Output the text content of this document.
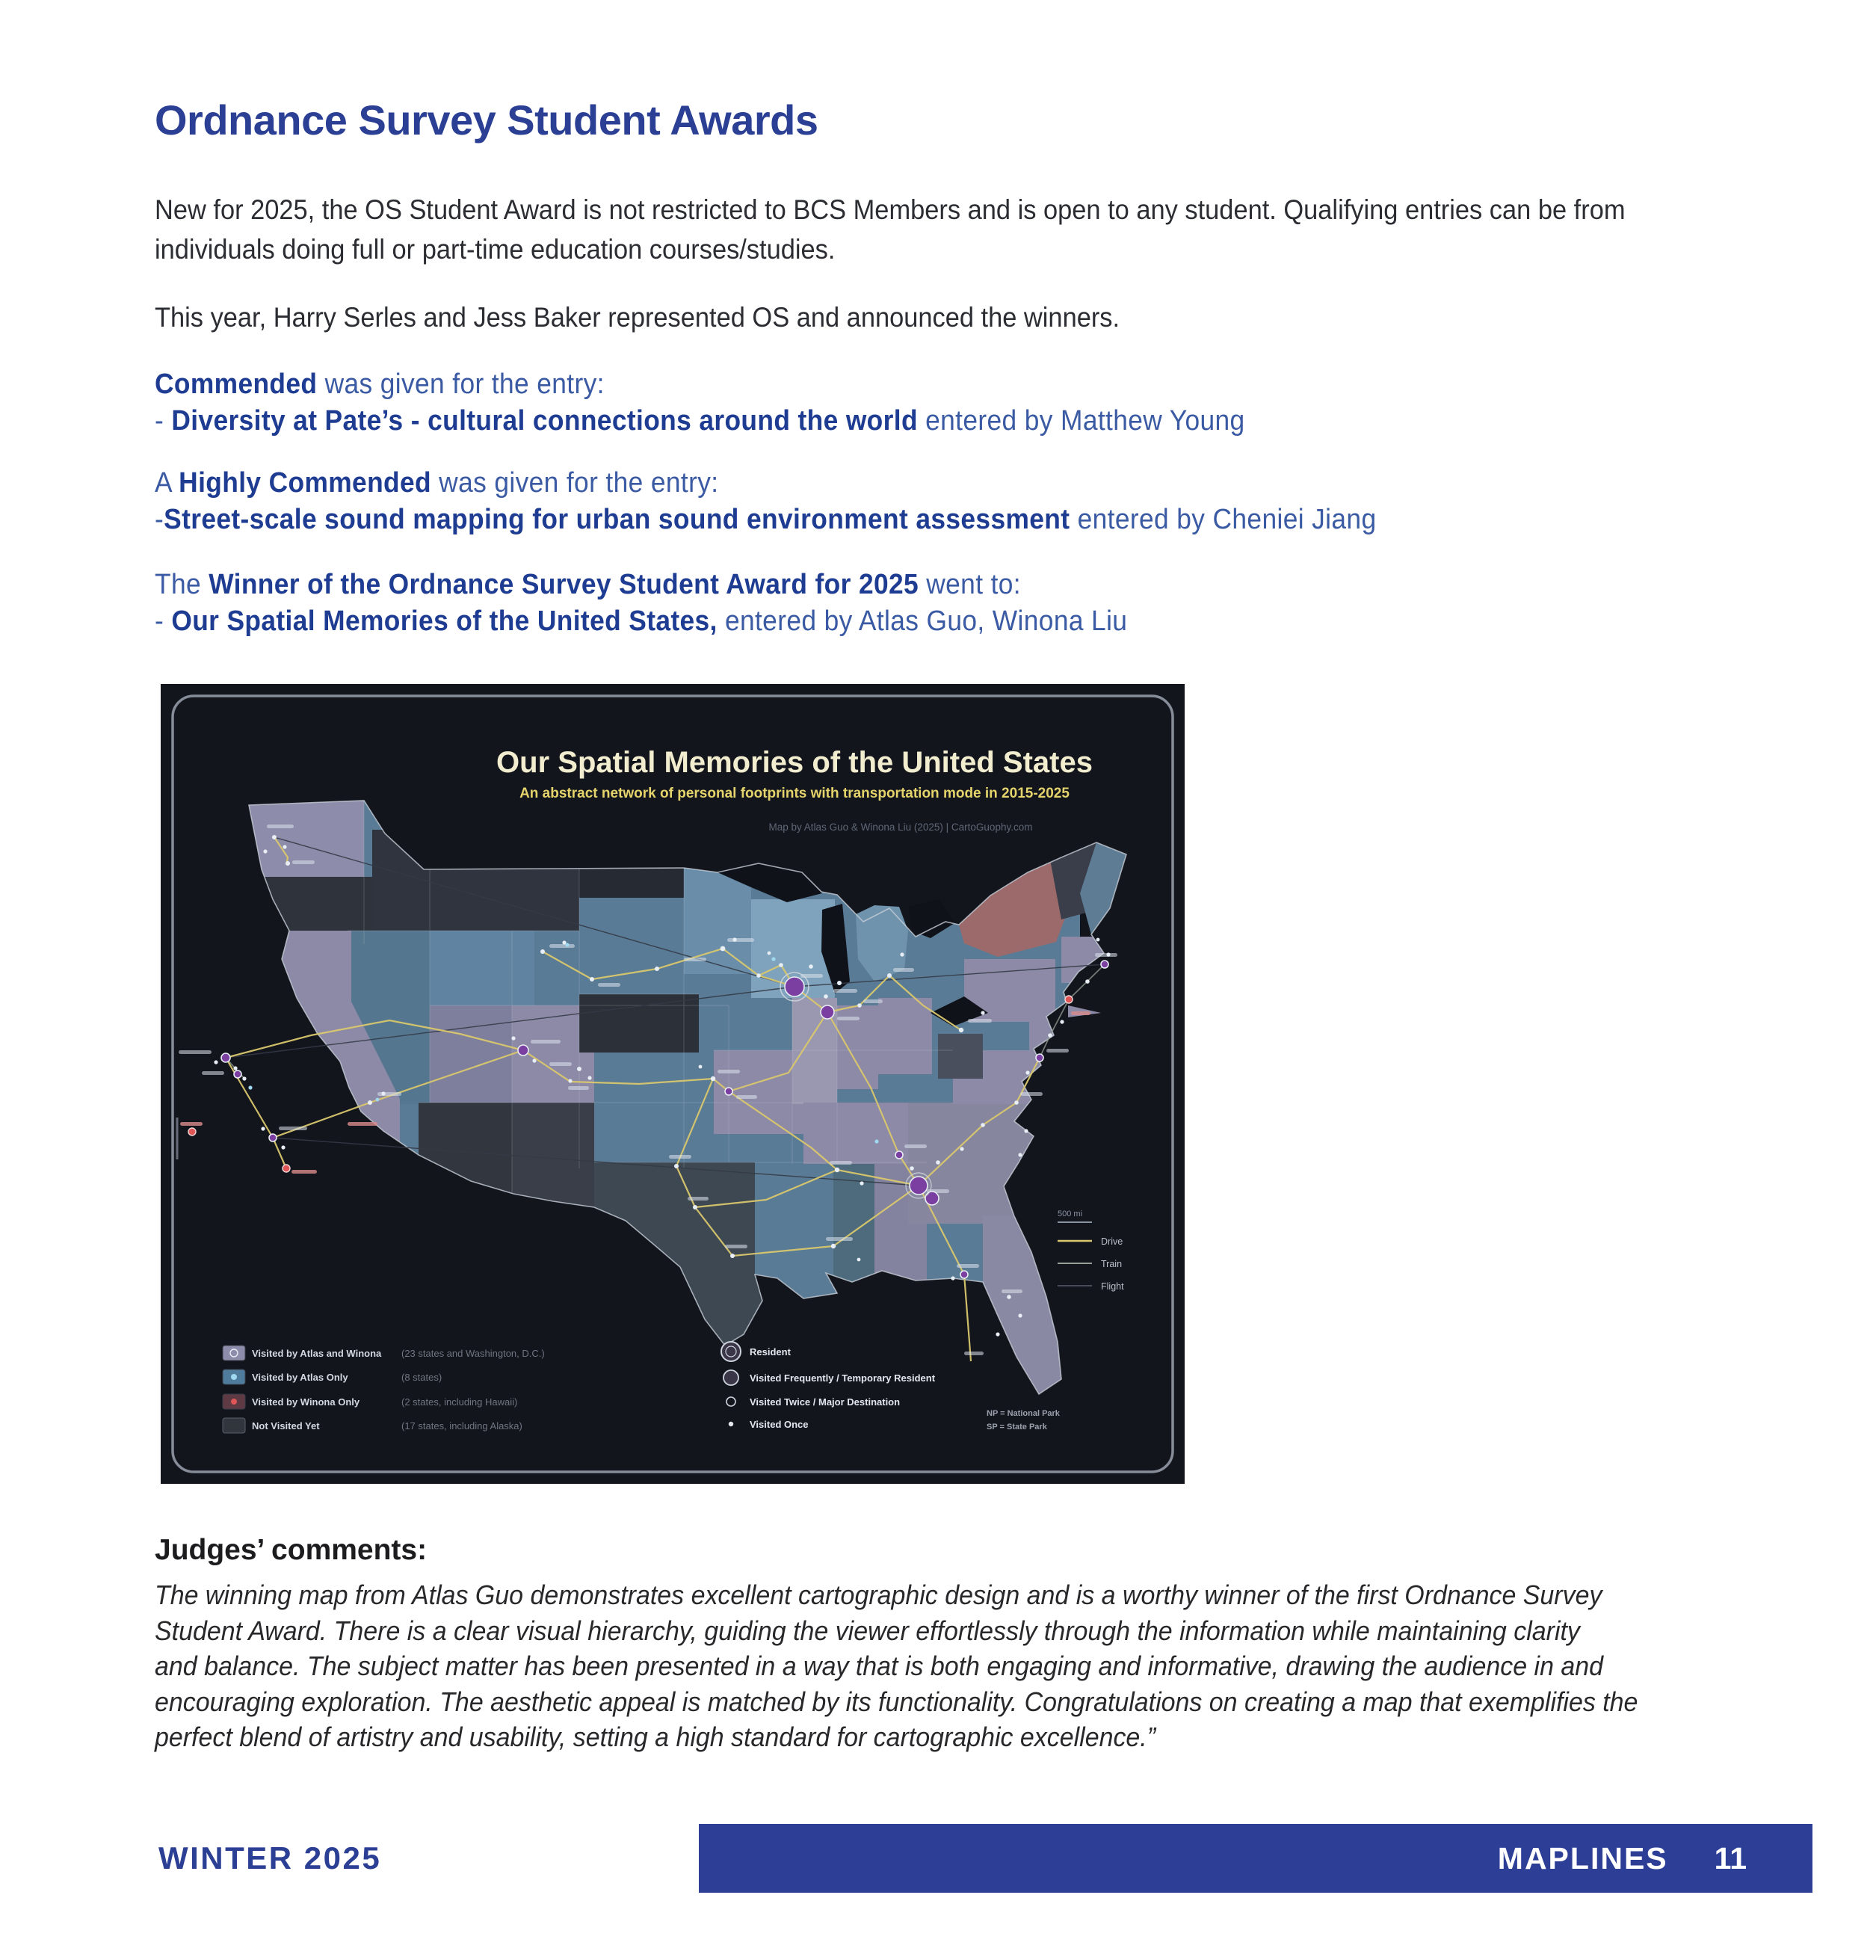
Ordnance Survey Student Awards
New for 2025, the OS Student Award is not restricted to BCS Members and is open to any student. Qualifying entries can be from
individuals doing full or part-time education courses/studies.
This year, Harry Serles and Jess Baker represented OS and announced the winners.
Commended was given for the entry:
- Diversity at Pate’s - cultural connections around the world entered by Matthew Young
A Highly Commended was given for the entry:
-Street-scale sound mapping for urban sound environment assessment entered by Cheniei Jiang
The Winner of the Ordnance Survey Student Award for 2025 went to:
- Our Spatial Memories of the United States, entered by Atlas Guo, Winona Liu
Our Spatial Memories of the United States
An abstract network of personal footprints with transportation mode in 2015-2025
Map by Atlas Guo & Winona Liu (2025) | CartoGuophy.com
Visited by Atlas and Winona (23 states and Washington, D.C.)
Visited by Atlas Only	(8 states)
Visited by Winona Only	(2 states, including Hawaii)
Not Visited Yet	(17 states, including Alaska)
Resident
Visited Frequently / Temporary Resident
Visited Twice / Major Destination
Visited Once
NP = National Park
SP = State Park
500 mi
Drive
Train
Flight
Judges’ comments:
The winning map from Atlas Guo demonstrates excellent cartographic design and is a worthy winner of the first Ordnance Survey
Student Award. There is a clear visual hierarchy, guiding the viewer effortlessly through the information while maintaining clarity
and balance. The subject matter has been presented in a way that is both engaging and informative, drawing the audience in and
encouraging exploration. The aesthetic appeal is matched by its functionality. Congratulations on creating a map that exemplifies the
perfect blend of artistry and usability, setting a high standard for cartographic excellence.”
WINTER 2025	MAPLINES 11
